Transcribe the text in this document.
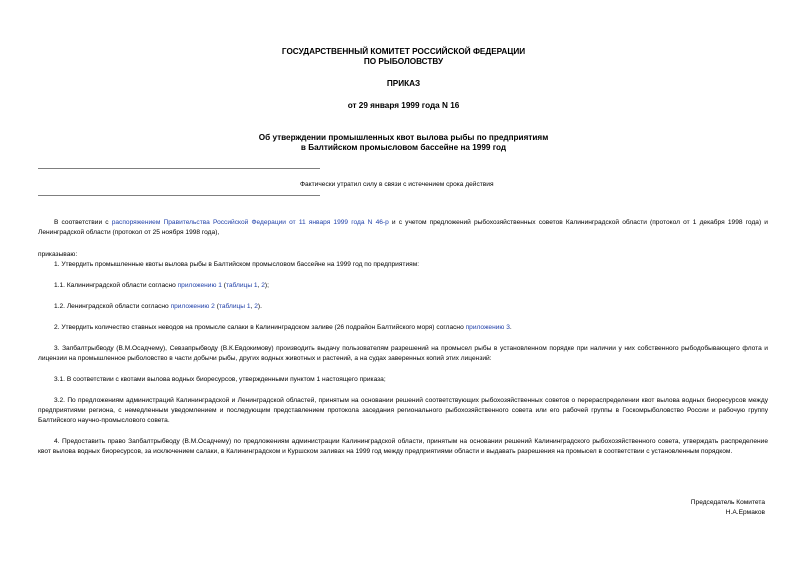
ГОСУДАРСТВЕННЫЙ КОМИТЕТ РОССИЙСКОЙ ФЕДЕРАЦИИ
ПО РЫБОЛОВСТВУ
ПРИКАЗ
от 29 января 1999 года N 16
Об утверждении промышленных квот вылова рыбы по предприятиям
в Балтийском промысловом бассейне на 1999 год
Фактически утратил силу в связи с истечением срока действия
В соответствии с распоряжением Правительства Российской Федерации от 11 января 1999 года N 46-р и с учетом предложений рыбохозяйственных советов Калининградской области (протокол от 1 декабря 1998 года) и Ленинградской области (протокол от 25 ноября 1998 года),
приказываю:
1. Утвердить промышленные квоты вылова рыбы в Балтийском промысловом бассейне на 1999 год по предприятиям:
1.1. Калининградской области согласно приложению 1 (таблицы 1, 2);
1.2. Ленинградской области согласно приложению 2 (таблицы 1, 2).
2. Утвердить количество ставных неводов на промысле салаки в Калининградском заливе (26 подрайон Балтийского моря) согласно приложению 3.
3. Запбалтрыбводу (В.М.Осадчему), Севзапрыбводу (В.К.Евдокимову) производить выдачу пользователям разрешений на промысел рыбы в установленном порядке при наличии у них собственного рыбодобывающего флота и лицензии на промышленное рыболовство в части добычи рыбы, других водных животных и растений, а на судах заверенных копий этих лицензий:
3.1. В соответствии с квотами вылова водных биоресурсов, утвержденными пунктом 1 настоящего приказа;
3.2. По предложениям администраций Калининградской и Ленинградской областей, принятым на основании решений соответствующих рыбохозяйственных советов о перераспределении квот вылова водных биоресурсов между предприятиями региона, с немедленным уведомлением и последующим представлением протокола заседания регионального рыбохозяйственного совета или его рабочей группы в Госкомрыболовство России и рабочую группу Балтийского научно-промыслового совета.
4. Предоставить право Запбалтрыбводу (В.М.Осадчему) по предложениям администрации Калининградской области, принятым на основании решений Калининградского рыбохозяйственного совета, утверждать распределение квот вылова водных биоресурсов, за исключением салаки, в Калининградском и Куршском заливах на 1999 год между предприятиями области и выдавать разрешения на промысел в соответствии с установленным порядком.
Председатель Комитета
Н.А.Ермаков
